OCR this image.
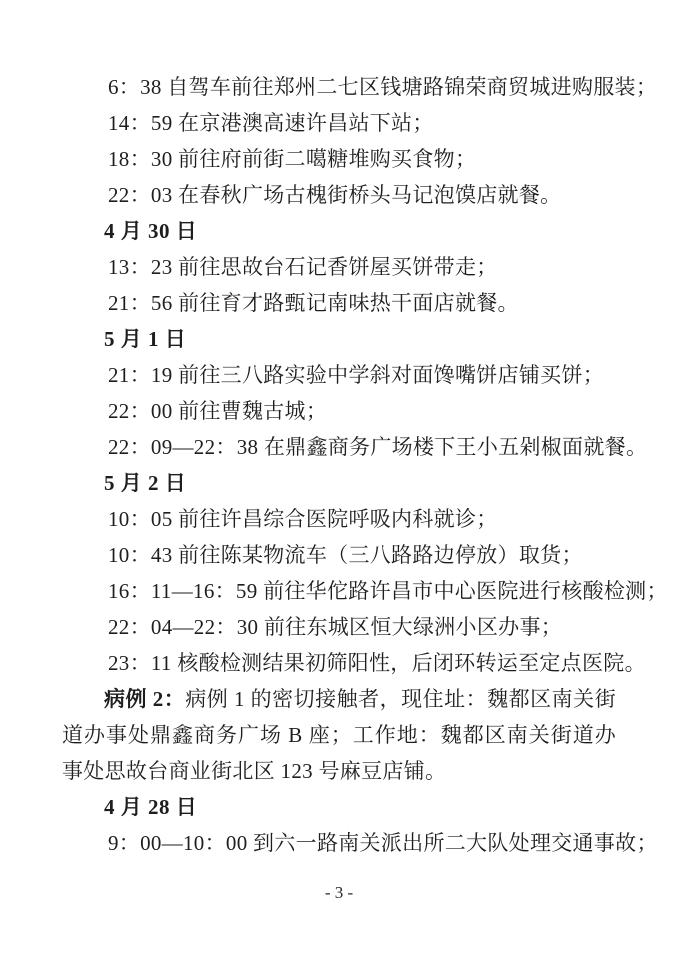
6：38 自驾车前往郑州二七区钱塘路锦荣商贸城进购服装；

14：59 在京港澳高速许昌站下站；

18：30 前往府前街二噶糖堆购买食物；

22：03 在春秋广场古槐街桥头马记泡馍店就餐。

4 月 30 日

13：23 前往思故台石记香饼屋买饼带走；

21：56 前往育才路甄记南味热干面店就餐。

5 月 1 日

21：19 前往三八路实验中学斜对面馋嘴饼店铺买饼；

22：00 前往曹魏古城；

22：09—22：38 在鼎鑫商务广场楼下王小五剁椒面就餐。

5 月 2 日

10：05 前往许昌综合医院呼吸内科就诊；

10：43 前往陈某物流车（三八路路边停放）取货；

16：11—16：59 前往华佗路许昌市中心医院进行核酸检测；

22：04—22：30 前往东城区恒大绿洲小区办事；

23：11 核酸检测结果初筛阳性，后闭环转运至定点医院。

病例 2：病例 1 的密切接触者，现住址：魏都区南关街道办事处鼎鑫商务广场 B 座；工作地：魏都区南关街道办事处思故台商业街北区 123 号麻豆店铺。

4 月 28 日

9：00—10：00 到六一路南关派出所二大队处理交通事故；

- 3 -
